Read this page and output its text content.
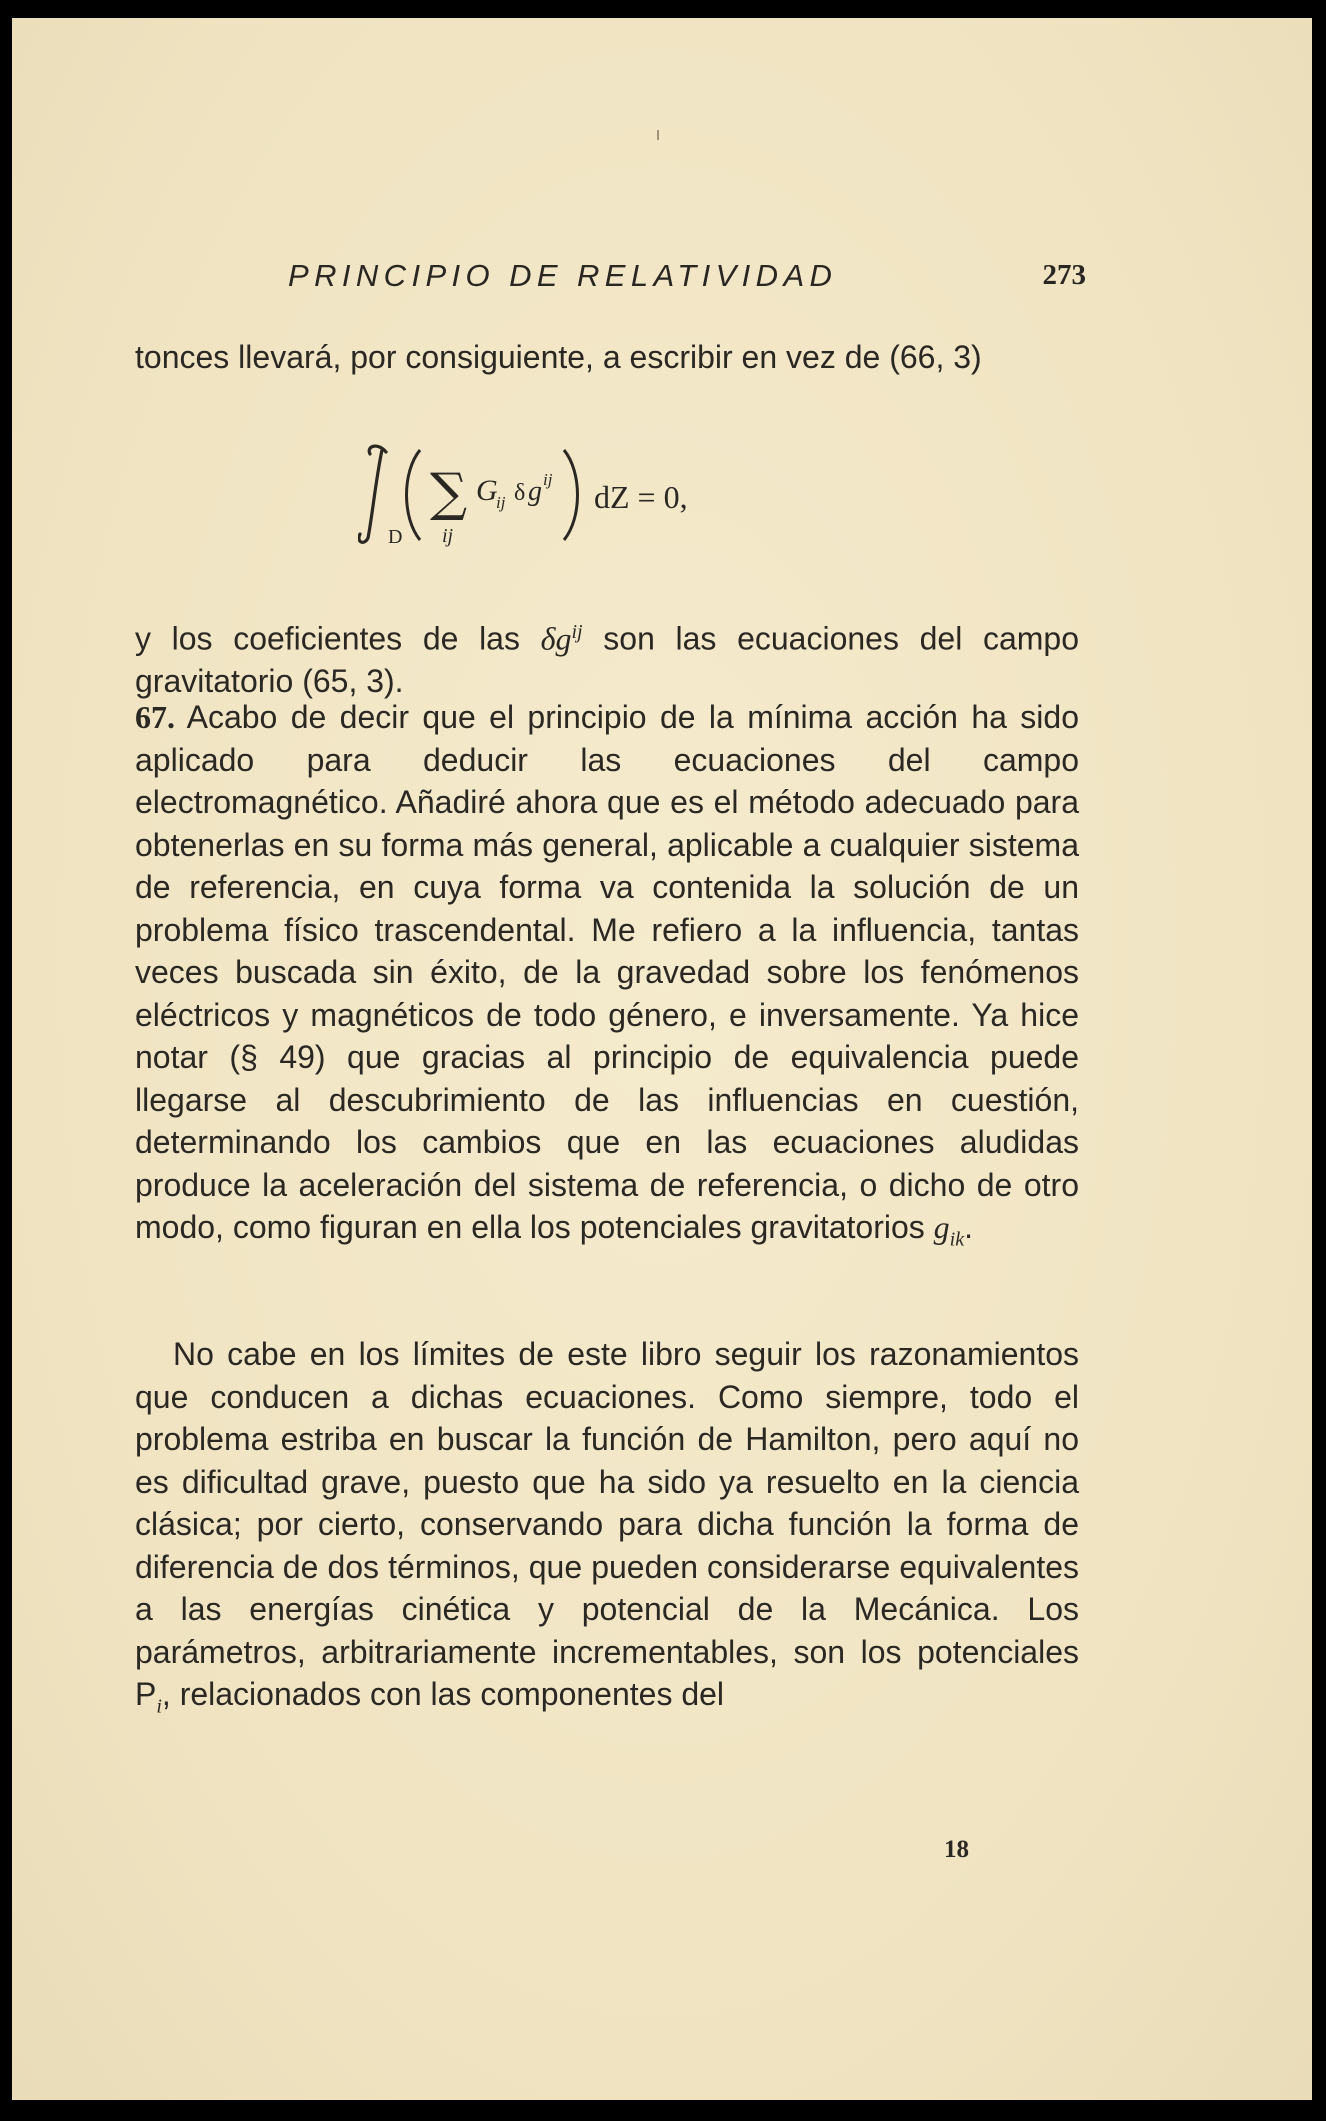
PRINCIPIO DE RELATIVIDAD	273

tonces llevará, por consiguiente, a escribir en vez de (66, 3)

D
∑
ij
G
ij δ g ij dZ = 0,

y los coeficientes de las $\delta g^{ij}$ son las ecuaciones del campo gravitatorio (65, 3).

67. Acabo de decir que el principio de la mínima acción ha sido aplicado para deducir las ecuaciones del campo electromagnético. Añadiré ahora que es el método adecuado para obtenerlas en su forma más general, aplicable a cualquier sistema de referencia, en cuya forma va contenida la solución de un problema físico trascendental. Me refiero a la influencia, tantas veces buscada sin éxito, de la gravedad sobre los fenómenos eléctricos y magnéticos de todo género, e inversamente. Ya hice notar (§ 49) que gracias al principio de equivalencia puede llegarse al descubrimiento de las influencias en cuestión, determinando los cambios que en las ecuaciones aludidas produce la aceleración del sistema de referencia, o dicho de otro modo, como figuran en ella los potenciales gravitatorios $g_{ik}$.

No cabe en los límites de este libro seguir los razonamientos que conducen a dichas ecuaciones. Como siempre, todo el problema estriba en buscar la función de Hamilton, pero aquí no es dificultad grave, puesto que ha sido ya resuelto en la ciencia clásica; por cierto, conservando para dicha función la forma de diferencia de dos términos, que pueden considerarse equivalentes a las energías cinética y potencial de la Mecánica. Los parámetros, arbitrariamente incrementables, son los potenciales $P_i$, relacionados con las componentes del

18
